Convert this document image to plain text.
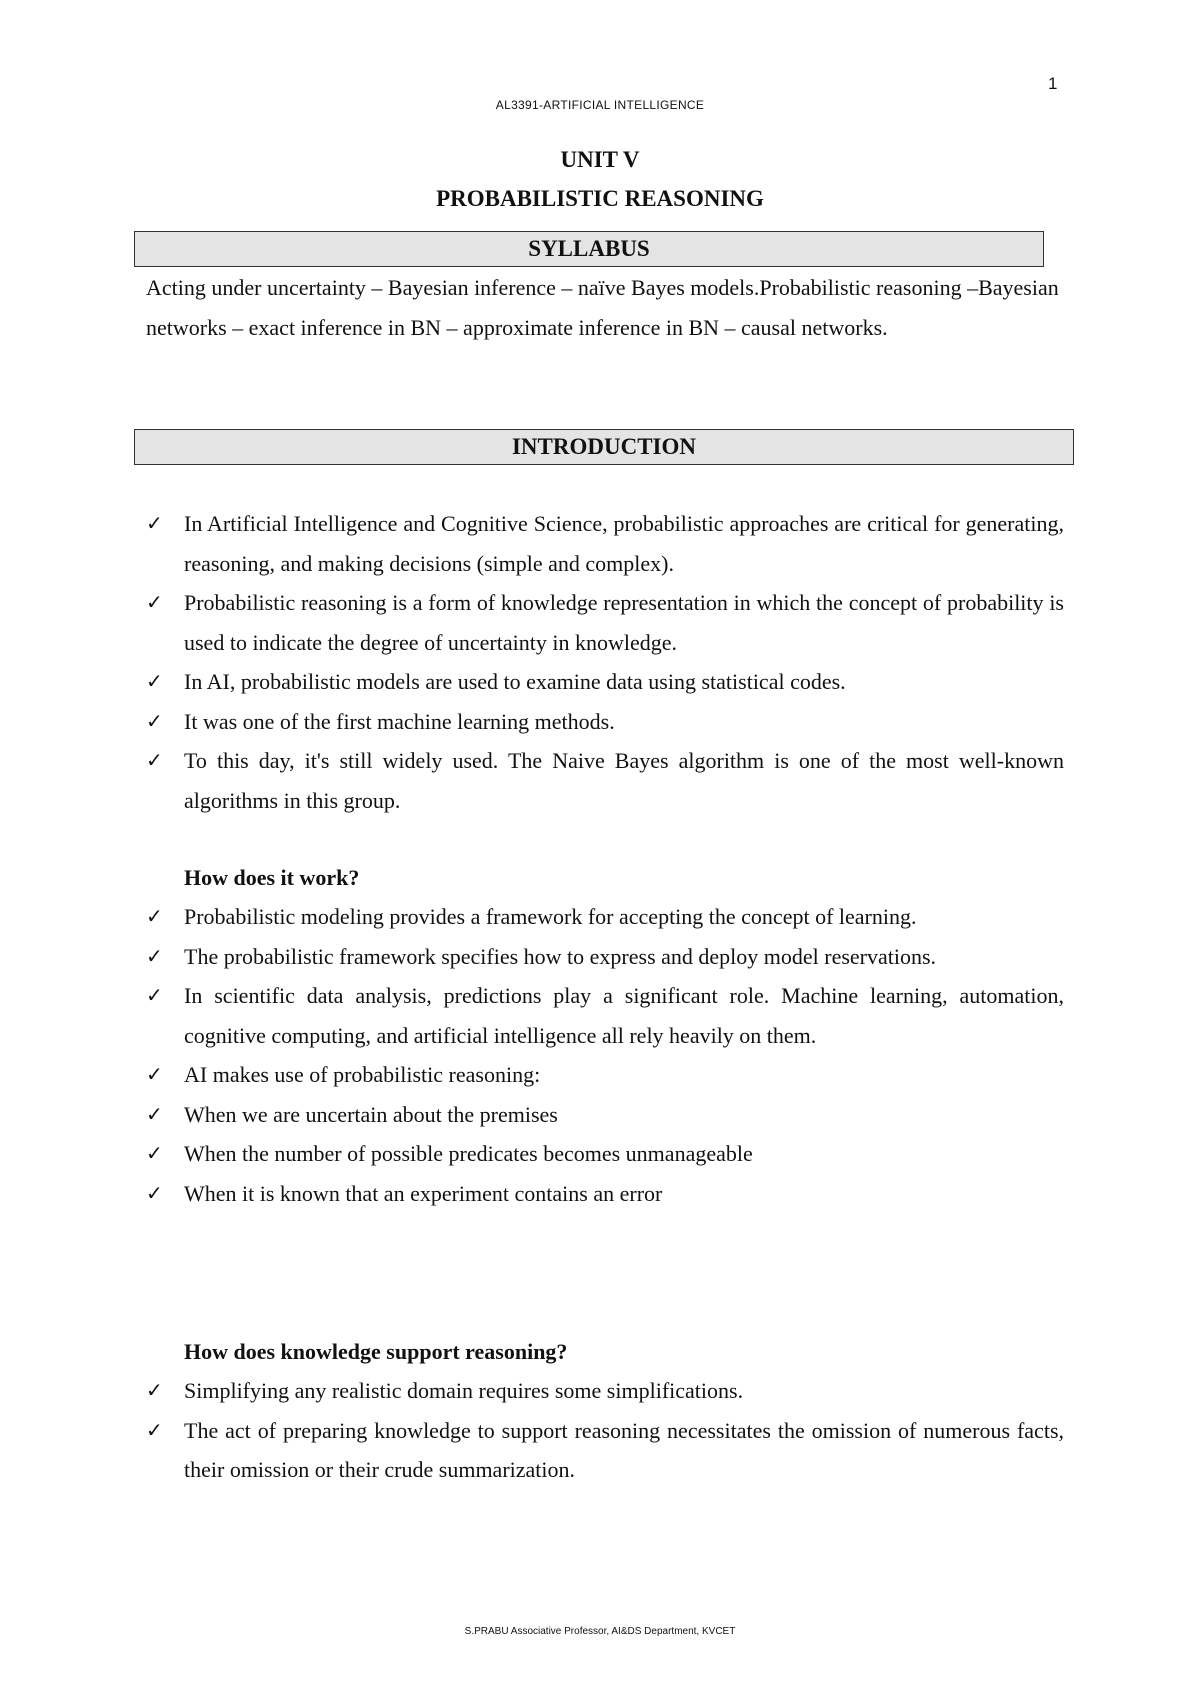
1
AL3391-ARTIFICIAL INTELLIGENCE
UNIT V
PROBABILISTIC REASONING
SYLLABUS

Acting under uncertainty – Bayesian inference – naïve Bayes models.Probabilistic reasoning –Bayesian networks – exact inference in BN – approximate inference in BN – causal networks.

INTRODUCTION
✓ In Artificial Intelligence and Cognitive Science, probabilistic approaches are critical for generating, reasoning, and making decisions (simple and complex).
✓ Probabilistic reasoning is a form of knowledge representation in which the concept of probability is used to indicate the degree of uncertainty in knowledge.
✓ In AI, probabilistic models are used to examine data using statistical codes.
✓ It was one of the first machine learning methods.
✓ To this day, it's still widely used. The Naive Bayes algorithm is one of the most well-known algorithms in this group.
How does it work?
✓ Probabilistic modeling provides a framework for accepting the concept of learning.
✓ The probabilistic framework specifies how to express and deploy model reservations.
✓ In scientific data analysis, predictions play a significant role. Machine learning, automation, cognitive computing, and artificial intelligence all rely heavily on them.
✓ AI makes use of probabilistic reasoning:
✓ When we are uncertain about the premises
✓ When the number of possible predicates becomes unmanageable
✓ When it is known that an experiment contains an error
How does knowledge support reasoning?
✓ Simplifying any realistic domain requires some simplifications.
✓ The act of preparing knowledge to support reasoning necessitates the omission of numerous facts, their omission or their crude summarization.
S.PRABU Associative Professor, AI&DS Department, KVCET
